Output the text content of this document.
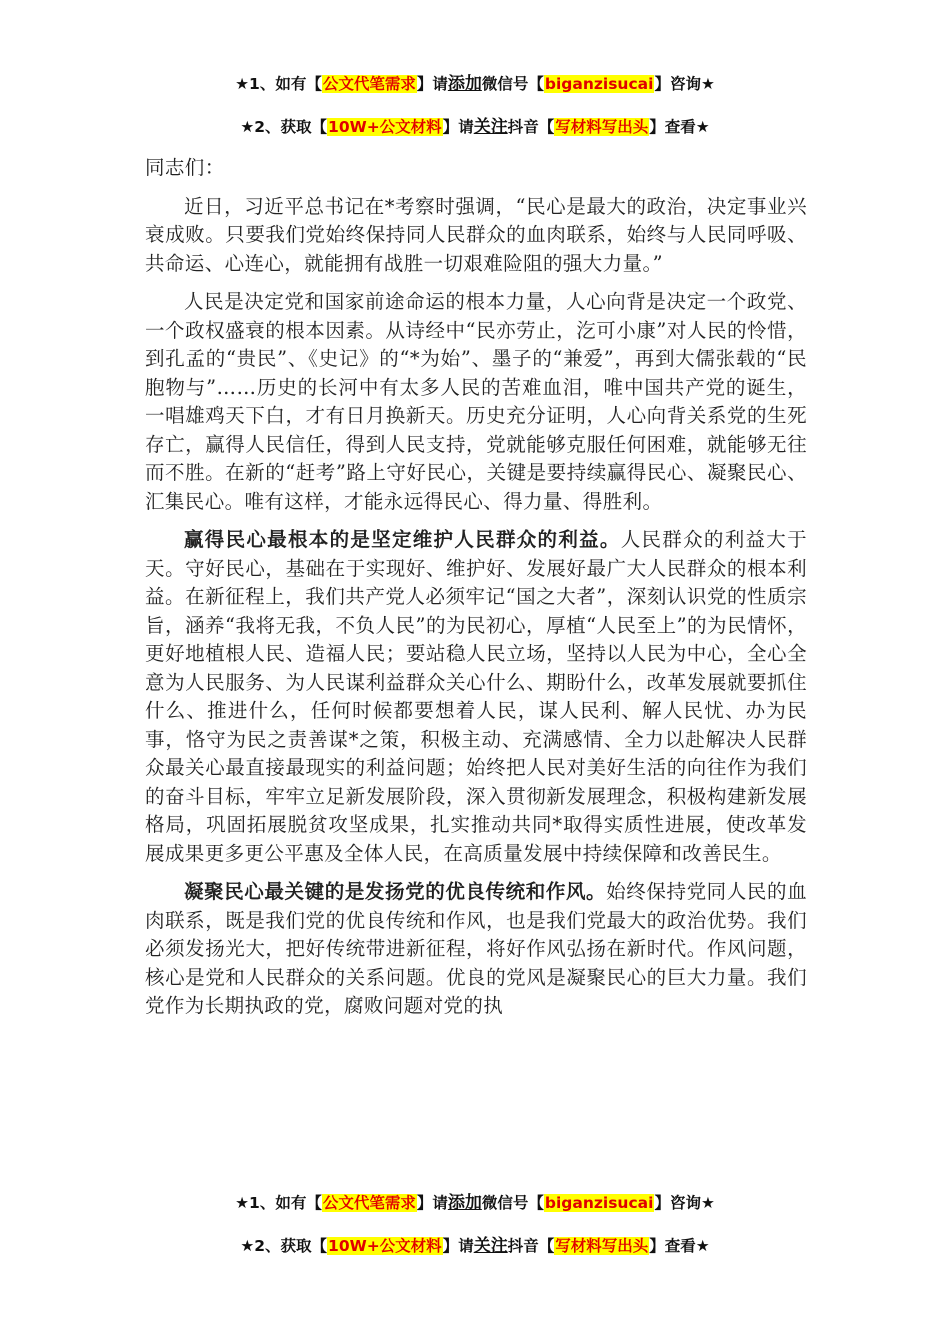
★1、如有【公文代笔需求】请添加微信号【biganzisucai】咨询★
★2、获取【10W+公文材料】请关注抖音【写材料写出头】查看★

同志们：

近日，习近平总书记在*考察时强调，“民心是最大的政治，决定事业兴衰成败。只要我们党始终保持同人民群众的血肉联系，始终与人民同呼吸、共命运、心连心，就能拥有战胜一切艰难险阻的强大力量。”

人民是决定党和国家前途命运的根本力量，人心向背是决定一个政党、一个政权盛衰的根本因素。从诗经中“民亦劳止，汔可小康”对人民的怜惜，到孔孟的“贵民”、《史记》的“*为始”、墨子的“兼爱”，再到大儒张载的“民胞物与”……历史的长河中有太多人民的苦难血泪，唯中国共产党的诞生，一唱雄鸡天下白，才有日月换新天。历史充分证明，人心向背关系党的生死存亡，赢得人民信任，得到人民支持，党就能够克服任何困难，就能够无往而不胜。在新的“赶考”路上守好民心，关键是要持续赢得民心、凝聚民心、汇集民心。唯有这样，才能永远得民心、得力量、得胜利。

赢得民心最根本的是坚定维护人民群众的利益。人民群众的利益大于天。守好民心，基础在于实现好、维护好、发展好最广大人民群众的根本利益。在新征程上，我们共产党人必须牢记“国之大者”，深刻认识党的性质宗旨，涵养“我将无我，不负人民”的为民初心，厚植“人民至上”的为民情怀，更好地植根人民、造福人民；要站稳人民立场，坚持以人民为中心，全心全意为人民服务、为人民谋利益群众关心什么、期盼什么，改革发展就要抓住什么、推进什么，任何时候都要想着人民，谋人民利、解人民忧、办为民事，恪守为民之责善谋*之策，积极主动、充满感情、全力以赴解决人民群众最关心最直接最现实的利益问题；始终把人民对美好生活的向往作为我们的奋斗目标，牢牢立足新发展阶段，深入贯彻新发展理念，积极构建新发展格局，巩固拓展脱贫攻坚成果，扎实推动共同*取得实质性进展，使改革发展成果更多更公平惠及全体人民，在高质量发展中持续保障和改善民生。

凝聚民心最关键的是发扬党的优良传统和作风。始终保持党同人民的血肉联系，既是我们党的优良传统和作风，也是我们党最大的政治优势。我们必须发扬光大，把好传统带进新征程，将好作风弘扬在新时代。作风问题，核心是党和人民群众的关系问题。优良的党风是凝聚民心的巨大力量。我们党作为长期执政的党，腐败问题对党的执

★1、如有【公文代笔需求】请添加微信号【biganzisucai】咨询★
★2、获取【10W+公文材料】请关注抖音【写材料写出头】查看★
